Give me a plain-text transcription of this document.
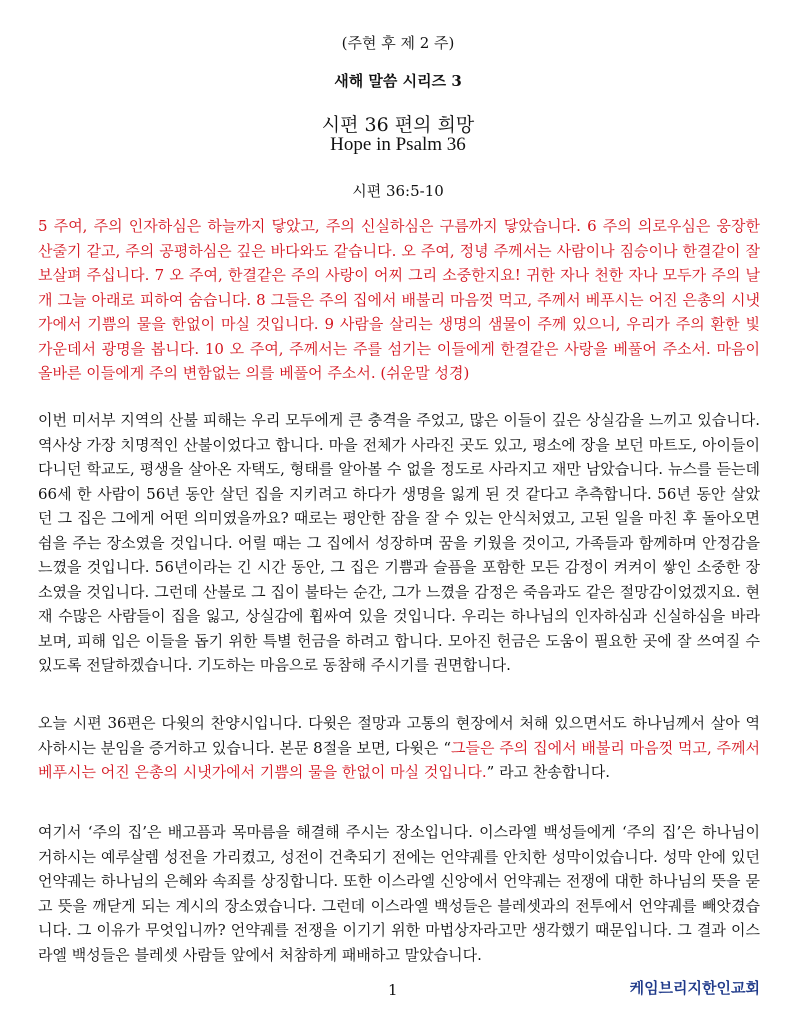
(주현 후 제 2 주)
새해 말씀 시리즈 3
시편 36 편의 희망
Hope in Psalm 36
시편 36:5-10

5 주여, 주의 인자하심은 하늘까지 닿았고, 주의 신실하심은 구름까지 닿았습니다. 6 주의 의로우심은 웅장한 산줄기 같고, 주의 공평하심은 깊은 바다와도 같습니다. 오 주여, 정녕 주께서는 사람이나 짐승이나 한결같이 잘 보살펴 주십니다. 7 오 주여, 한결같은 주의 사랑이 어찌 그리 소중한지요! 귀한 자나 천한 자나 모두가 주의 날개 그늘 아래로 피하여 숨습니다. 8 그들은 주의 집에서 배불리 마음껏 먹고, 주께서 베푸시는 어진 은총의 시냇가에서 기쁨의 물을 한없이 마실 것입니다. 9 사람을 살리는 생명의 샘물이 주께 있으니, 우리가 주의 환한 빛 가운데서 광명을 봅니다. 10 오 주여, 주께서는 주를 섬기는 이들에게 한결같은 사랑을 베풀어 주소서. 마음이 올바른 이들에게 주의 변함없는 의를 베풀어 주소서. (쉬운말 성경)

이번 미서부 지역의 산불 피해는 우리 모두에게 큰 충격을 주었고, 많은 이들이 깊은 상실감을 느끼고 있습니다. 역사상 가장 치명적인 산불이었다고 합니다. 마을 전체가 사라진 곳도 있고, 평소에 장을 보던 마트도, 아이들이 다니던 학교도, 평생을 살아온 자택도, 형태를 알아볼 수 없을 정도로 사라지고 재만 남았습니다. 뉴스를 듣는데 66세 한 사람이 56년 동안 살던 집을 지키려고 하다가 생명을 잃게 된 것 같다고 추측합니다. 56년 동안 살았던 그 집은 그에게 어떤 의미였을까요? 때로는 평안한 잠을 잘 수 있는 안식처였고, 고된 일을 마친 후 돌아오면 쉼을 주는 장소였을 것입니다. 어릴 때는 그 집에서 성장하며 꿈을 키웠을 것이고, 가족들과 함께하며 안정감을 느꼈을 것입니다. 56년이라는 긴 시간 동안, 그 집은 기쁨과 슬픔을 포함한 모든 감정이 켜켜이 쌓인 소중한 장소였을 것입니다. 그런데 산불로 그 집이 불타는 순간, 그가 느꼈을 감정은 죽음과도 같은 절망감이었겠지요. 현재 수많은 사람들이 집을 잃고, 상실감에 휩싸여 있을 것입니다. 우리는 하나님의 인자하심과 신실하심을 바라보며, 피해 입은 이들을 돕기 위한 특별 헌금을 하려고 합니다. 모아진 헌금은 도움이 필요한 곳에 잘 쓰여질 수 있도록 전달하겠습니다. 기도하는 마음으로 동참해 주시기를 권면합니다.

오늘 시편 36편은 다윗의 찬양시입니다. 다윗은 절망과 고통의 현장에서 처해 있으면서도 하나님께서 살아 역사하시는 분임을 증거하고 있습니다. 본문 8절을 보면, 다윗은 “그들은 주의 집에서 배불리 마음껏 먹고, 주께서 베푸시는 어진 은총의 시냇가에서 기쁨의 물을 한없이 마실 것입니다.” 라고 찬송합니다.

여기서 ‘주의 집’은 배고픔과 목마름을 해결해 주시는 장소입니다. 이스라엘 백성들에게 ‘주의 집’은 하나님이 거하시는 예루살렘 성전을 가리켰고, 성전이 건축되기 전에는 언약궤를 안치한 성막이었습니다. 성막 안에 있던 언약궤는 하나님의 은혜와 속죄를 상징합니다. 또한 이스라엘 신앙에서 언약궤는 전쟁에 대한 하나님의 뜻을 묻고 뜻을 깨닫게 되는 계시의 장소였습니다. 그런데 이스라엘 백성들은 블레셋과의 전투에서 언약궤를 빼앗겼습니다. 그 이유가 무엇입니까? 언약궤를 전쟁을 이기기 위한 마법상자라고만 생각했기 때문입니다. 그 결과 이스라엘 백성들은 블레셋 사람들 앞에서 처참하게 패배하고 말았습니다.

1	케임브리지한인교회
